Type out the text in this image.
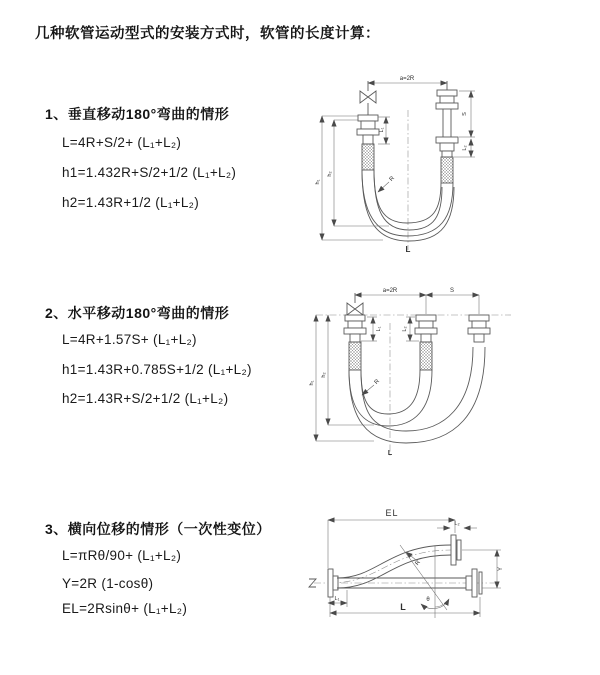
几种软管运动型式的安装方式时，软管的长度计算：
1、垂直移动180°弯曲的情形
L=4R+S/2+ (L₁+L₂)
h1=1.432R+S/2+1/2 (L₁+L₂)
h2=1.43R+1/2 (L₁+L₂)
2、水平移动180°弯曲的情形
L=4R+1.57S+ (L₁+L₂)
h1=1.43R+0.785S+1/2 (L₁+L₂)
h2=1.43R+S/2+1/2 (L₁+L₂)
3、横向位移的情形（一次性变位）
L=πRθ/90+ (L₁+L₂)
Y=2R (1-cosθ)
EL=2Rsinθ+ (L₁+L₂)
a=2R
h₁
h₂
L₁
S
L₂
R
L
a=2R	S
h₁
h₂
L₁	L₂
R
L
θ
EL
L₂
Y
R
L
L₁
